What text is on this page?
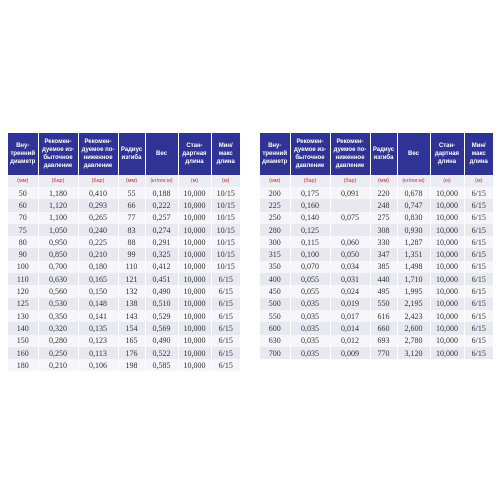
Вну-тренний диаметр	Рекомен-дуемое из-быточное давление	Рекомен-дуемое по-ниженное давление	Радиус изгиба	Вес	Стан-дартная длина	Мин/ макс длина
(мм)	(бар)	(бар)	(мм)	(кг/пог.м)	(м)	(м)
50	1,180	0,410	55	0,188	10,000	10/15
60	1,120	0,293	66	0,222	10,000	10/15
70	1,100	0,265	77	0,257	10,000	10/15
75	1,050	0,240	83	0,274	10,000	10/15
80	0,950	0,225	88	0,291	10,000	10/15
90	0,850	0,210	99	0,325	10,000	10/15
100	0,700	0,180	110	0,412	10,000	10/15
110	0,630	0,165	121	0,451	10,000	6/15
120	0,560	0,150	132	0,490	10,000	6/15
125	0,530	0,148	138	0,510	10,000	6/15
130	0,350	0,141	143	0,529	10,000	6/15
140	0,320	0,135	154	0,569	10,000	6/15
150	0,280	0,123	165	0,490	10,000	6/15
160	0,250	0,113	176	0,522	10,000	6/15
180	0,210	0,106	198	0,585	10,000	6/15
Вну-тренний диаметр	Рекомен-дуемое из-быточное давление	Рекомен-дуемое по-ниженное давление	Радиус изгиба	Вес	Стан-дартная длина	Мин/ макс длина
(мм)	(бар)	(бар)	(мм)	(кг/пог.м)	(м)	(м)
200	0,175	0,091	220	0,678	10,000	6/15
225	0,160		248	0,747	10,000	6/15
250	0,140	0,075	275	0,830	10,000	6/15
280	0,125		308	0,930	10,000	6/15
300	0,115	0,060	330	1,287	10,000	6/15
315	0,100	0,050	347	1,351	10,000	6/15
350	0,070	0,034	385	1,498	10,000	6/15
400	0,055	0,031	440	1,710	10,000	6/15
450	0,055	0,024	495	1,995	10,000	6/15
500	0,035	0,019	550	2,195	10,000	6/15
550	0,035	0,017	616	2,423	10,000	6/15
600	0,035	0,014	660	2,600	10,000	6/15
630	0,035	0,012	693	2,780	10,000	6/15
700	0,035	0,009	770	3,120	10,000	6/15
